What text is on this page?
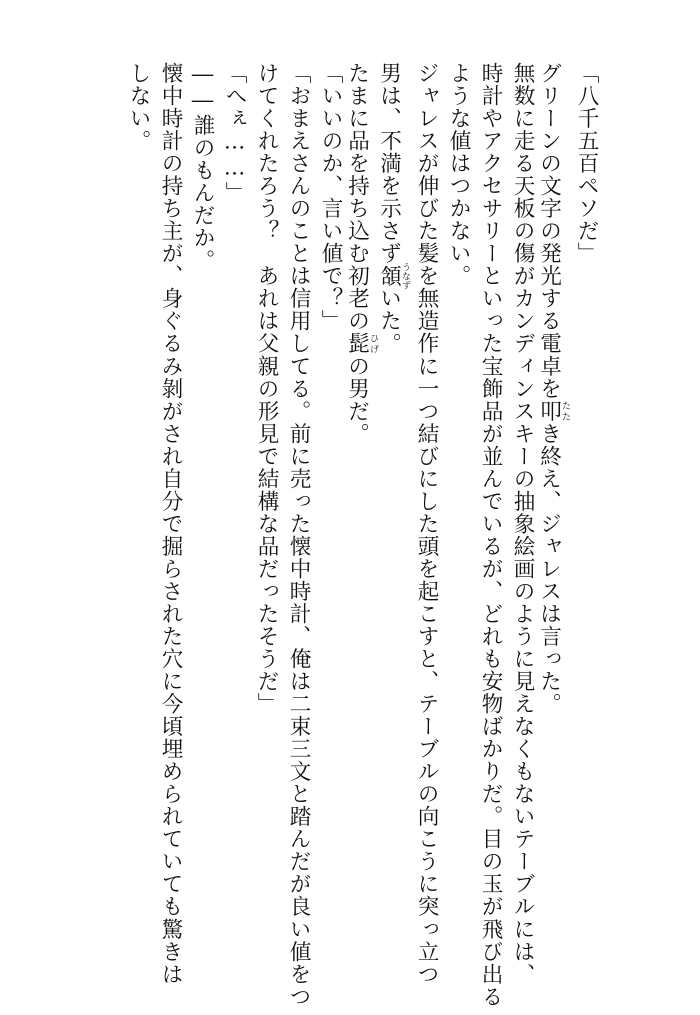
「八千五百ペソだ」
グリーンの文字の発光する電卓を叩たたき終え、ジャレスは言った。
無数に走る天板の傷がカンディンスキーの抽象絵画のように見えなくもないテーブルには、
時計やアクセサリーといった宝飾品が並んでいるが、どれも安物ばかりだ。目の玉が飛び出る
ような値はつかない。
ジャレスが伸びた髪を無造作に一つ結びにした頭を起こすと、テーブルの向こうに突っ立つ
男は、不満を示さず頷うなずいた。
たまに品を持ち込む初老の髭ひげの男だ。
「いいのか、言い値で？」
「おまえさんのことは信用してる。前に売った懐中時計、俺は二束三文と踏んだが良い値をつ
けてくれたろう？　あれは父親の形見で結構な品だったそうだ」
「へぇ……」
――誰のもんだか。
懐中時計の持ち主が、身ぐるみ剝がされ自分で掘らされた穴に今頃埋められていても驚きは
しない。
